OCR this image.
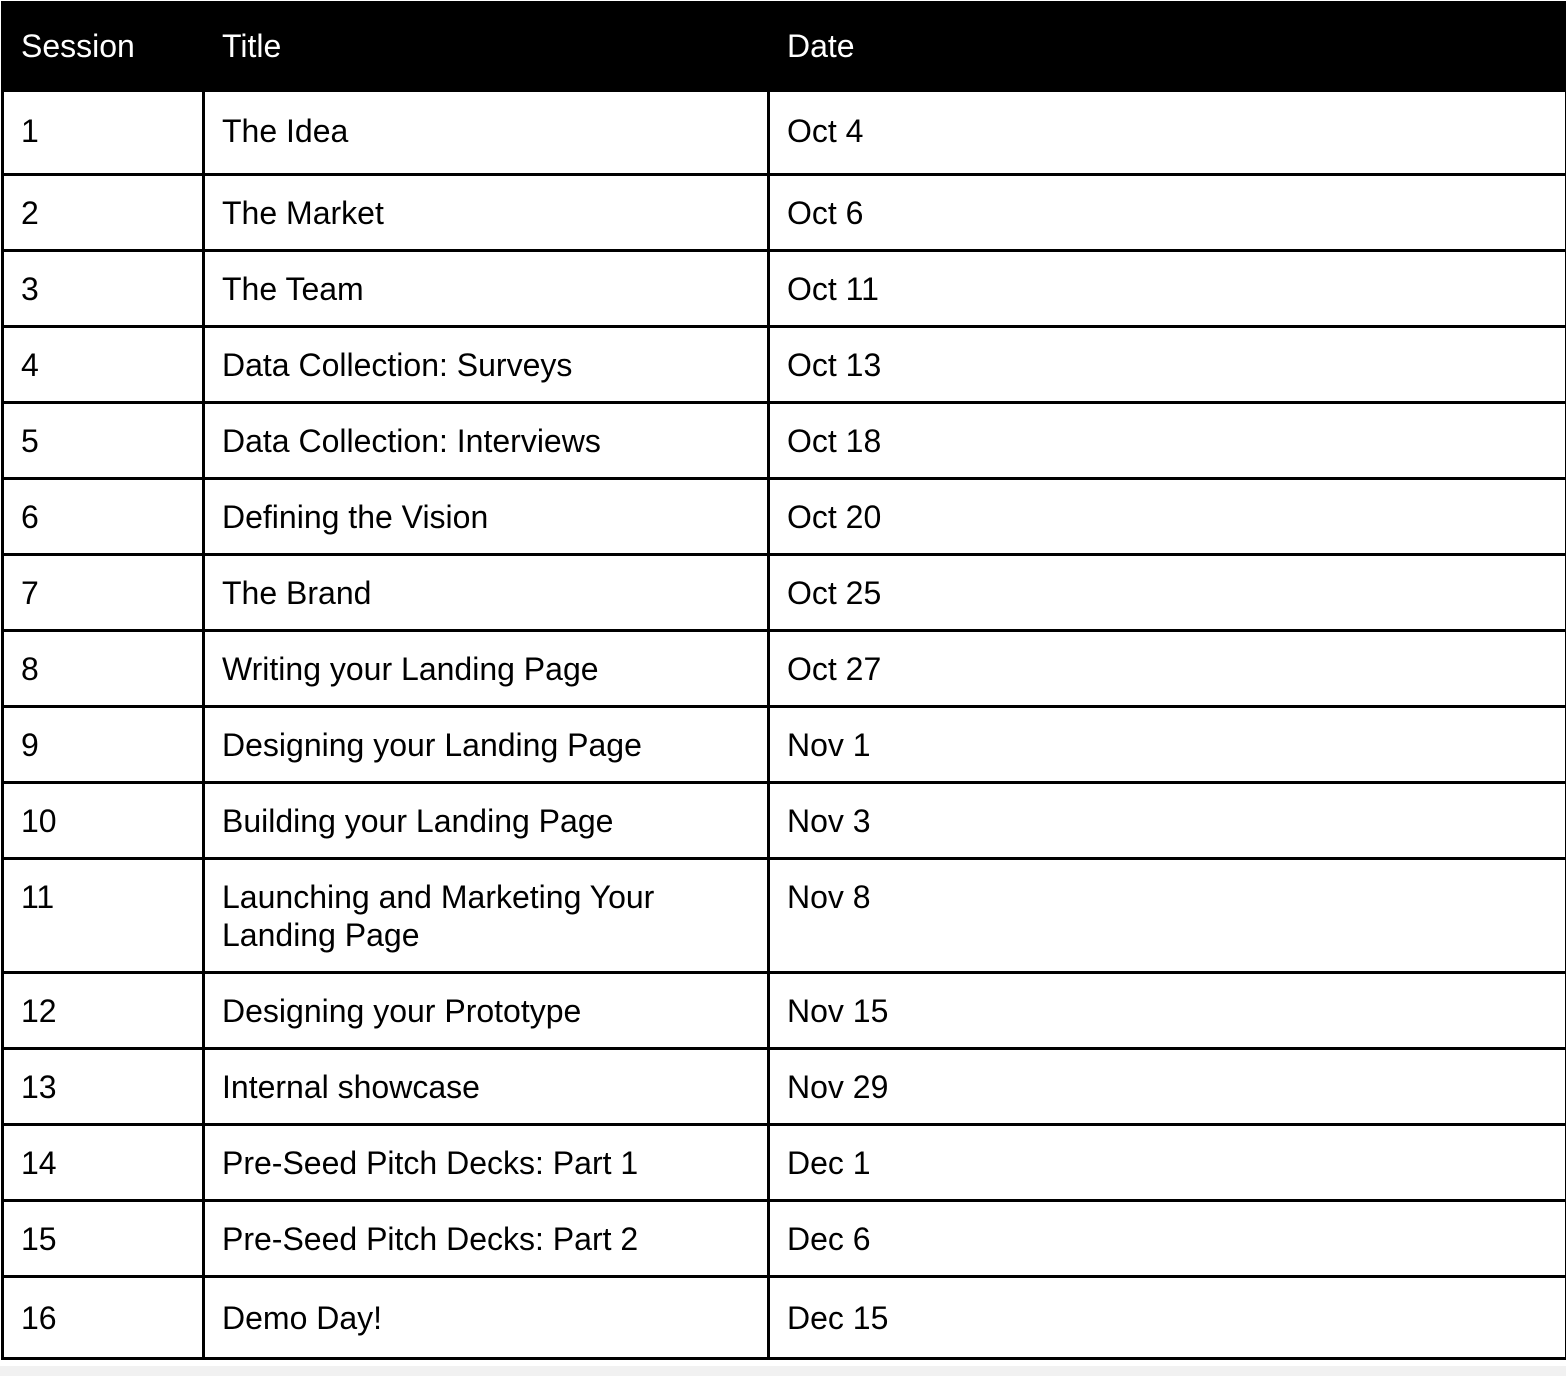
Session	Title	Date
1	The Idea	Oct 4
2	The Market	Oct 6
3	The Team	Oct 11
4	Data Collection: Surveys	Oct 13
5	Data Collection: Interviews	Oct 18
6	Defining the Vision	Oct 20
7	The Brand	Oct 25
8	Writing your Landing Page	Oct 27
9	Designing your Landing Page	Nov 1
10	Building your Landing Page	Nov 3
11	Launching and Marketing Your Landing Page	Nov 8
12	Designing your Prototype	Nov 15
13	Internal showcase	Nov 29
14	Pre-Seed Pitch Decks: Part 1	Dec 1
15	Pre-Seed Pitch Decks: Part 2	Dec 6
16	Demo Day!	Dec 15
